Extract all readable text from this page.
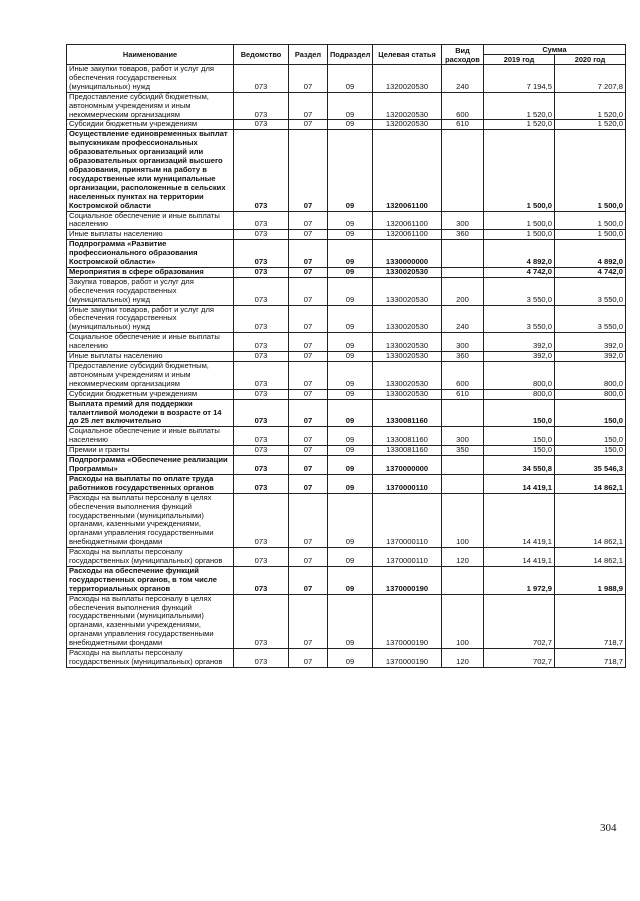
Наименование	Ведомство	Раздел	Подраздел	Целевая статья	Вид расходов	Сумма	
						2019 год	2020 год
Иные закупки товаров, работ и услуг для обеспечения государственных (муниципальных) нужд	073	07	09	1320020530	240	7 194,5	7 207,8
Предоставление субсидий бюджетным, автономным учреждениям и иным некоммерческим организациям	073	07	09	1320020530	600	1 520,0	1 520,0
Субсидии бюджетным учреждениям	073	07	09	1320020530	610	1 520,0	1 520,0
Осуществление единовременных выплат выпускникам профессиональных образовательных организаций или образовательных организаций высшего образования, принятым на работу в государственные или муниципальные организации, расположенные в сельских населенных пунктах на территории Костромской области	073	07	09	1320061100		1 500,0	1 500,0
Социальное обеспечение и иные выплаты населению	073	07	09	1320061100	300	1 500,0	1 500,0
Иные выплаты населению	073	07	09	1320061100	360	1 500,0	1 500,0
Подпрограмма «Развитие профессионального образования Костромской области»	073	07	09	1330000000		4 892,0	4 892,0
Мероприятия в сфере образования	073	07	09	1330020530		4 742,0	4 742,0
Закупка товаров, работ и услуг для обеспечения государственных (муниципальных) нужд	073	07	09	1330020530	200	3 550,0	3 550,0
Иные закупки товаров, работ и услуг для обеспечения государственных (муниципальных) нужд	073	07	09	1330020530	240	3 550,0	3 550,0
Социальное обеспечение и иные выплаты населению	073	07	09	1330020530	300	392,0	392,0
Иные выплаты населению	073	07	09	1330020530	360	392,0	392,0
Предоставление субсидий бюджетным, автономным учреждениям и иным некоммерческим организациям	073	07	09	1330020530	600	800,0	800,0
Субсидии бюджетным учреждениям	073	07	09	1330020530	610	800,0	800,0
Выплата премий для поддержки талантливой молодежи в возрасте от 14 до 25 лет включительно	073	07	09	1330081160		150,0	150,0
Социальное обеспечение и иные выплаты населению	073	07	09	1330081160	300	150,0	150,0
Премии и гранты	073	07	09	1330081160	350	150,0	150,0
Подпрограмма «Обеспечение реализации Программы»	073	07	09	1370000000		34 550,8	35 546,3
Расходы на выплаты по оплате труда работников государственных органов	073	07	09	1370000110		14 419,1	14 862,1
Расходы на выплаты персоналу в целях обеспечения выполнения функций государственными (муниципальными) органами, казенными учреждениями, органами управления государственными внебюджетными фондами	073	07	09	1370000110	100	14 419,1	14 862,1
Расходы на выплаты персоналу государственных (муниципальных) органов	073	07	09	1370000110	120	14 419,1	14 862,1
Расходы на обеспечение функций государственных органов, в том числе территориальных органов	073	07	09	1370000190		1 972,9	1 988,9
Расходы на выплаты персоналу в целях обеспечения выполнения функций государственными (муниципальными) органами, казенными учреждениями, органами управления государственными внебюджетными фондами	073	07	09	1370000190	100	702,7	718,7
Расходы на выплаты персоналу государственных (муниципальных) органов	073	07	09	1370000190	120	702,7	718,7
304
